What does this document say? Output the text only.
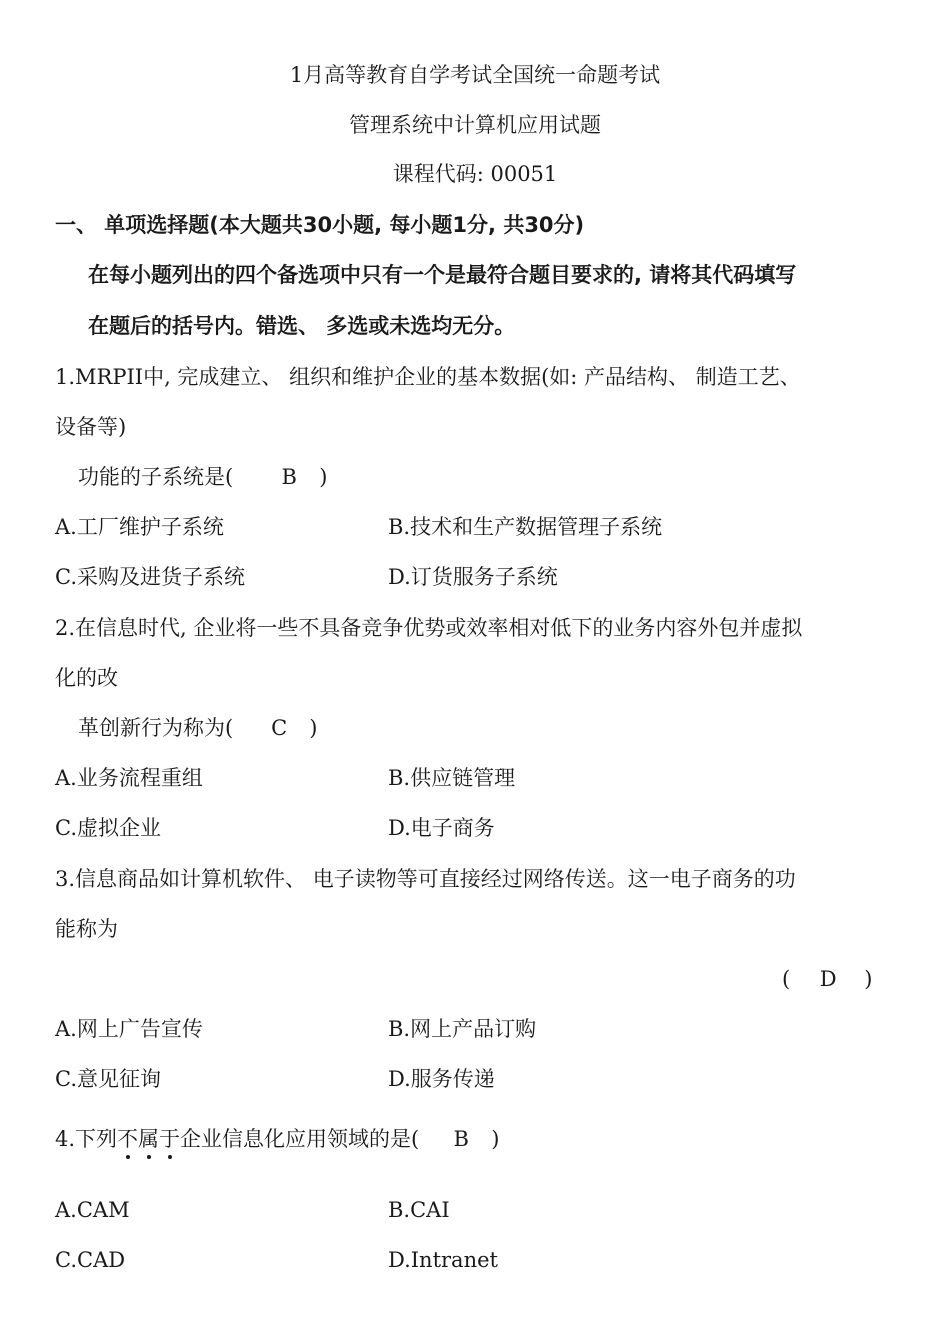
1月高等教育自学考试全国统一命题考试
管理系统中计算机应用试题
课程代码: 00051
一、 单项选择题(本大题共30小题, 每小题1分, 共30分)
在每小题列出的四个备选项中只有一个是最符合题目要求的, 请将其代码填写
在题后的括号内。错选、 多选或未选均无分。
1.MRPII中, 完成建立、 组织和维护企业的基本数据(如: 产品结构、 制造工艺、
设备等)
功能的子系统是( B )
A.工厂维护子系统	B.技术和生产数据管理子系统
C.采购及进货子系统	D.订货服务子系统
2.在信息时代, 企业将一些不具备竞争优势或效率相对低下的业务内容外包并虚拟
化的改
革创新行为称为( C )
A.业务流程重组	B.供应链管理
C.虚拟企业	D.电子商务
3.信息商品如计算机软件、 电子读物等可直接经过网络传送。这一电子商务的功
能称为
( D )
A.网上广告宣传	B.网上产品订购
C.意见征询	D.服务传递
4.下列不属于企业信息化应用领域的是( B )
A.CAM	B.CAI
C.CAD	D.Intranet
